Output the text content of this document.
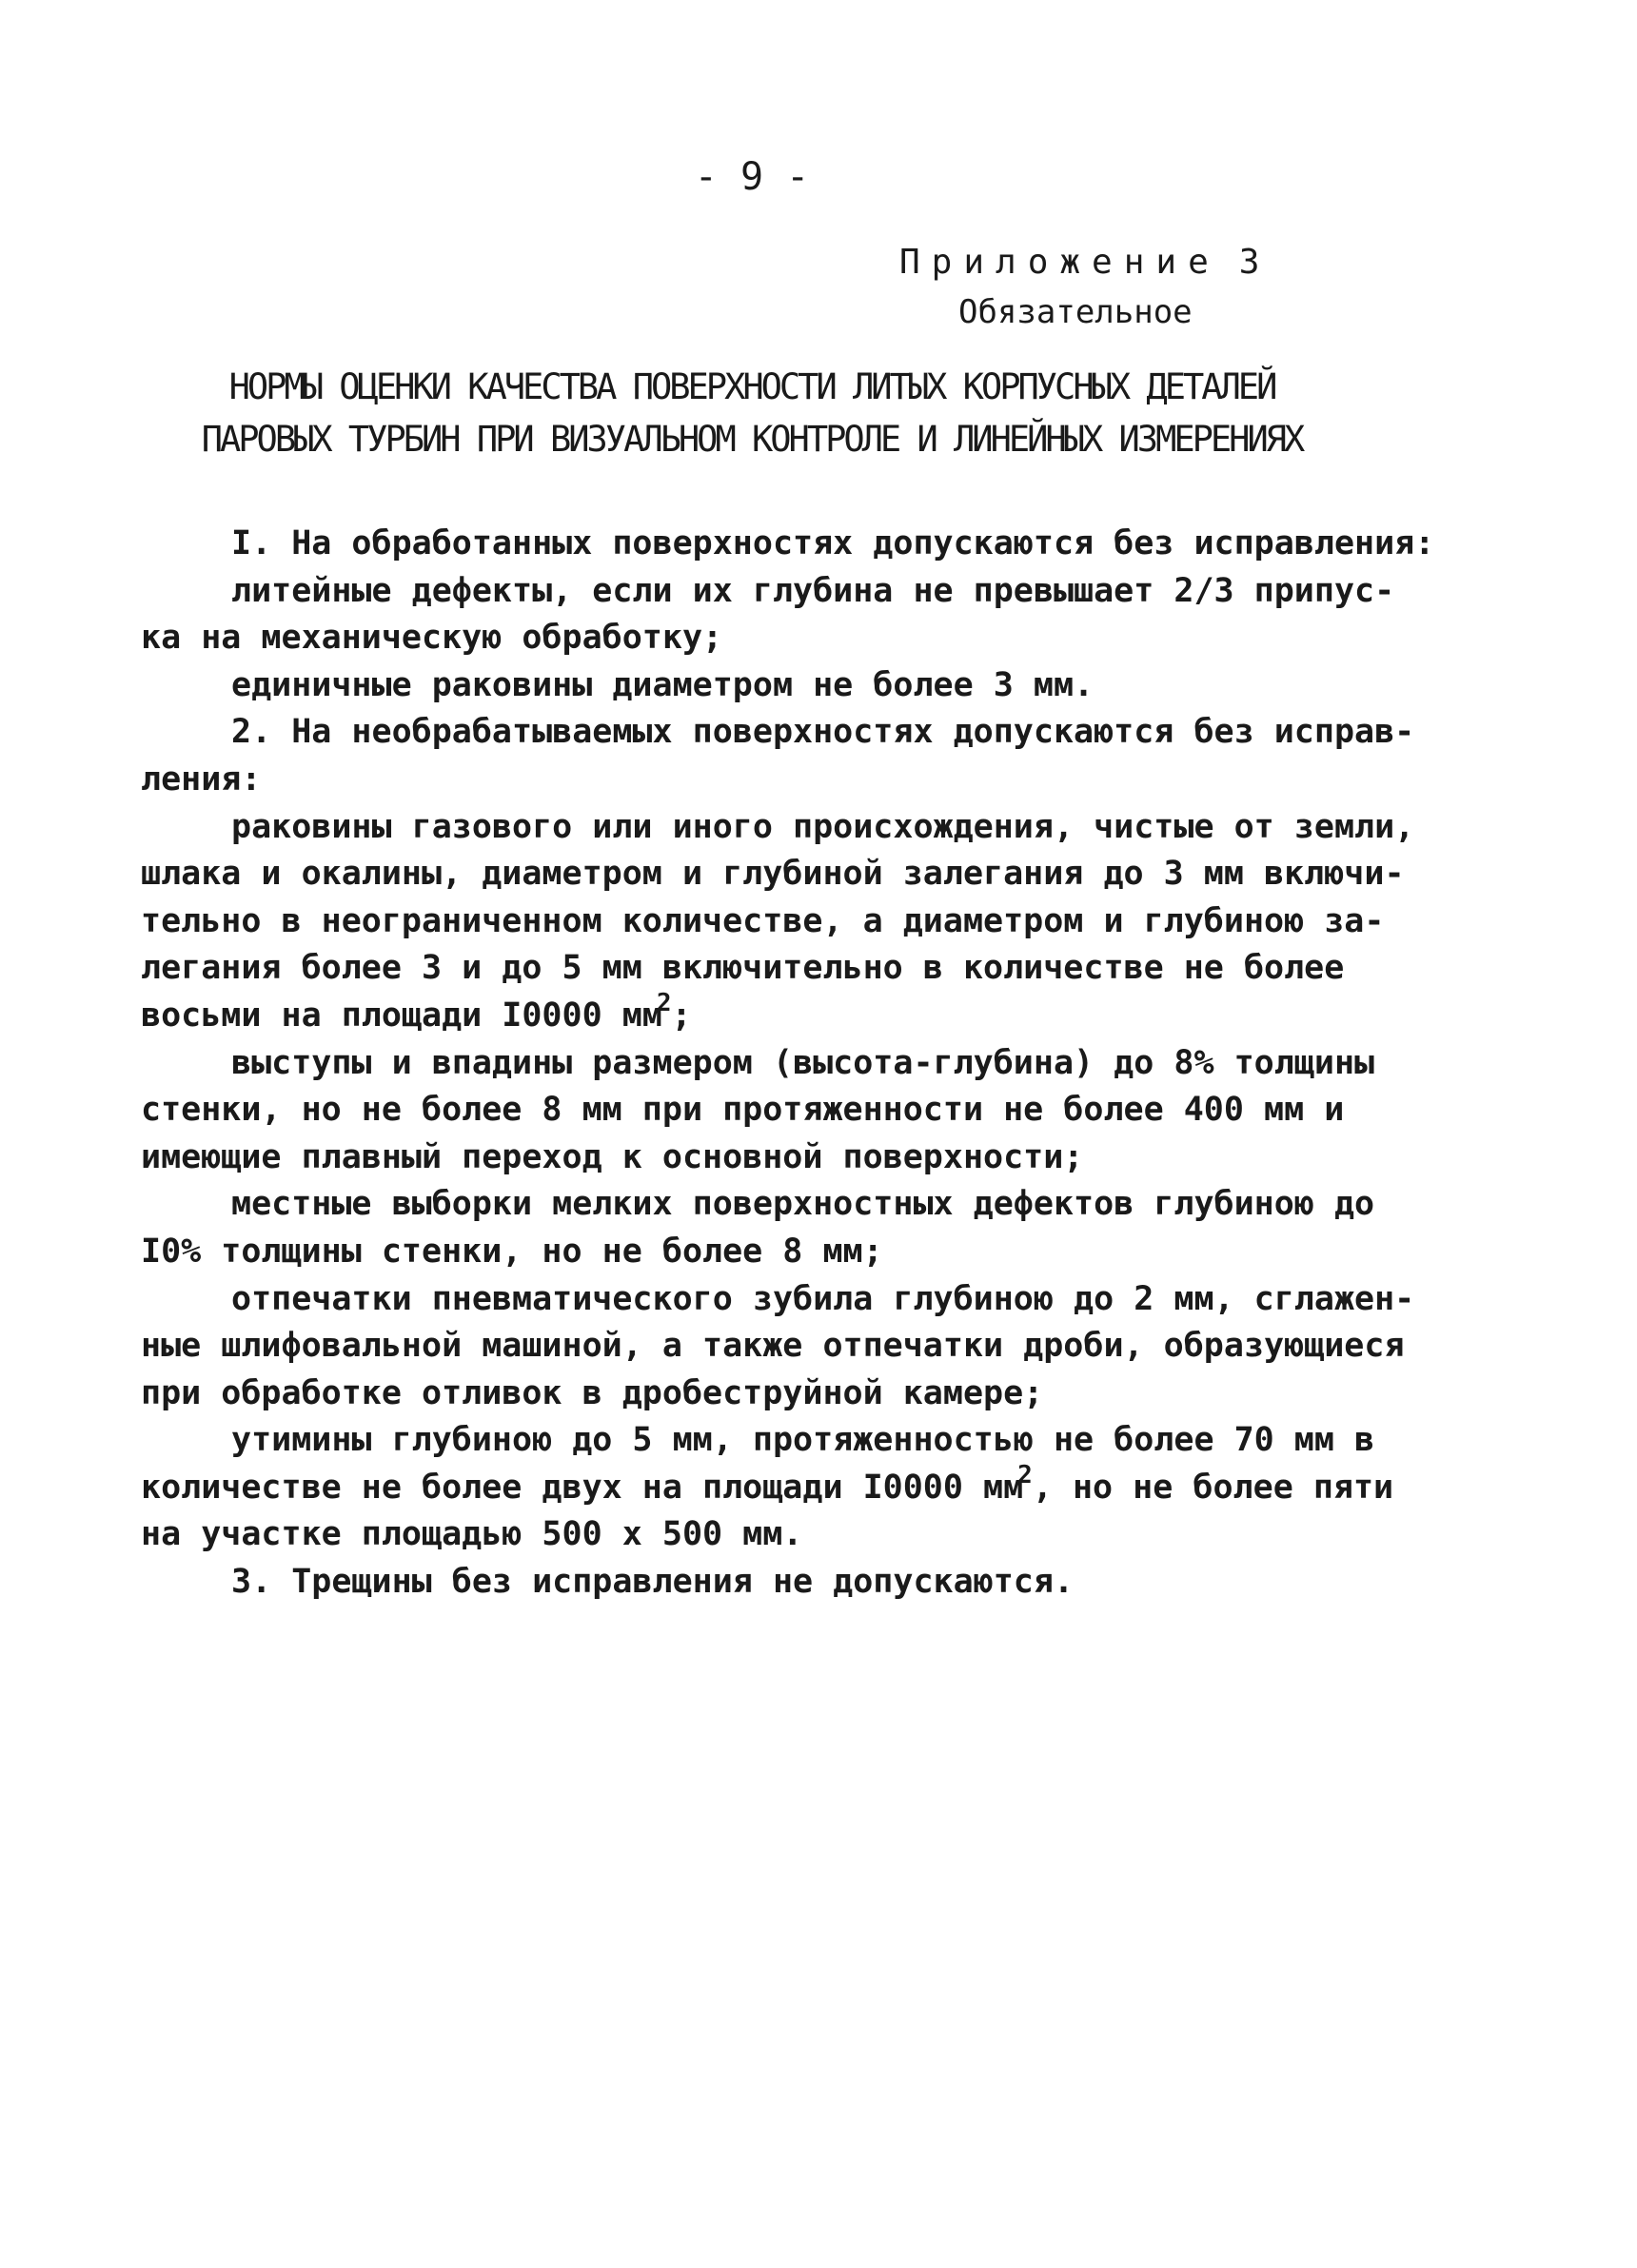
- 9 -
Приложение 3
Обязательное
НОРМЫ ОЦЕНКИ КАЧЕСТВА ПОВЕРХНОСТИ ЛИТЫХ КОРПУСНЫХ ДЕТАЛЕЙ
ПАРОВЫХ ТУРБИН ПРИ ВИЗУАЛЬНОМ КОНТРОЛЕ И ЛИНЕЙНЫХ ИЗМЕРЕНИЯХ
I. На обработанных поверхностях допускаются без исправления:
литейные дефекты, если их глубина не превышает 2/3 припус-
ка на механическую обработку;
единичные раковины диаметром не более 3 мм.
2. На необрабатываемых поверхностях допускаются без исправ-
ления:
раковины газового или иного происхождения, чистые от земли,
шлака и окалины, диаметром и глубиной залегания до 3 мм включи-
тельно в неограниченном количестве, а диаметром и глубиною за-
легания более 3 и до 5 мм включительно в количестве не более
восьми на площади I0000 $мм^2$;
выступы и впадины размером (высота-глубина) до 8% толщины
стенки, но не более 8 мм при протяженности не более 400 мм и
имеющие плавный переход к основной поверхности;
местные выборки мелких поверхностных дефектов глубиною до
I0% толщины стенки, но не более 8 мм;
отпечатки пневматического зубила глубиною до 2 мм, сглажен-
ные шлифовальной машиной, а также отпечатки дроби, образующиеся
при обработке отливок в дробеструйной камере;
утимины глубиною до 5 мм, протяженностью не более 70 мм в
количестве не более двух на площади I0000 $мм^2$, но не более пяти
на участке площадью 500 х 500 мм.
3. Трещины без исправления не допускаются.
